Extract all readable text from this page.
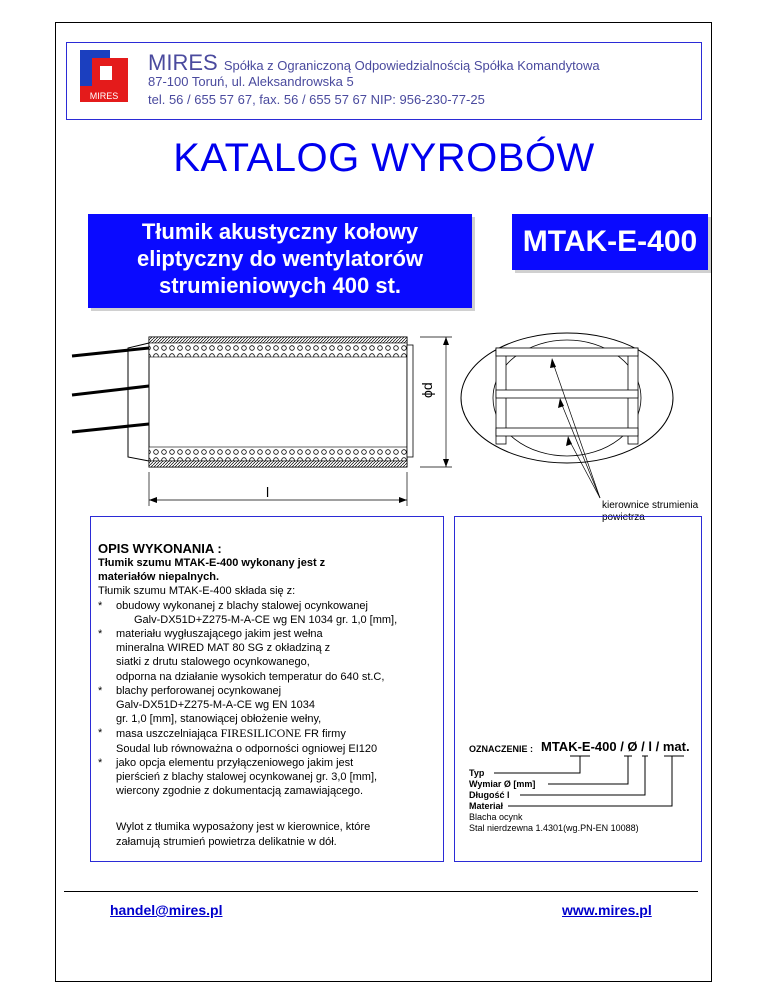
MIRES
MIRES Spółka z Ograniczoną Odpowiedzialnością Spółka Komandytowa
87-100 Toruń, ul. Aleksandrowska 5
tel. 56 / 655 57 67, fax. 56 / 655 57 67 NIP: 956-230-77-25
KATALOG WYROBÓW
Tłumik akustyczny kołowy
eliptyczny do wentylatorów
strumieniowych 400 st.
MTAK-E-400
l
ϕd
kierownice strumienia
powietrza
OPIS WYKONANIA :

Tłumik szumu MTAK-E-400 wykonany jest z

materiałów niepalnych.

Tłumik szumu MTAK-E-400 składa się z:

* obudowy wykonanej z blachy stalowej ocynkowanej

Galv-DX51D+Z275-M-A-CE wg EN 1034 gr. 1,0 [mm],

* materiału wygłuszającego jakim jest wełna

mineralna WIRED MAT 80 SG z okładziną z

siatki z drutu stalowego ocynkowanego,

odporna na działanie wysokich temperatur do 640 st.C,

* blachy perforowanej ocynkowanej

Galv-DX51D+Z275-M-A-CE wg EN 1034

gr. 1,0 [mm], stanowiącej obłożenie wełny,

* masa uszczelniająca FIRESILICONE FR firmy

Soudal lub równoważna o odporności ogniowej EI120

* jako opcja elementu przyłączeniowego jakim jest

pierścień z blachy stalowej ocynkowanej gr. 3,0 [mm],

wiercony zgodnie z dokumentacją zamawiającego.

Wylot z tłumika wyposażony jest w kierownice, które
załamują strumień powietrza delikatnie w dół.
OZNACZENIE : MTAK-E-400 / Ø / l / mat.
Typ
Wymiar Ø [mm]
Długość l
Materiał
Blacha ocynk
Stal nierdzewna 1.4301(wg.PN-EN 10088)
handel@mires.pl	www.mires.pl
